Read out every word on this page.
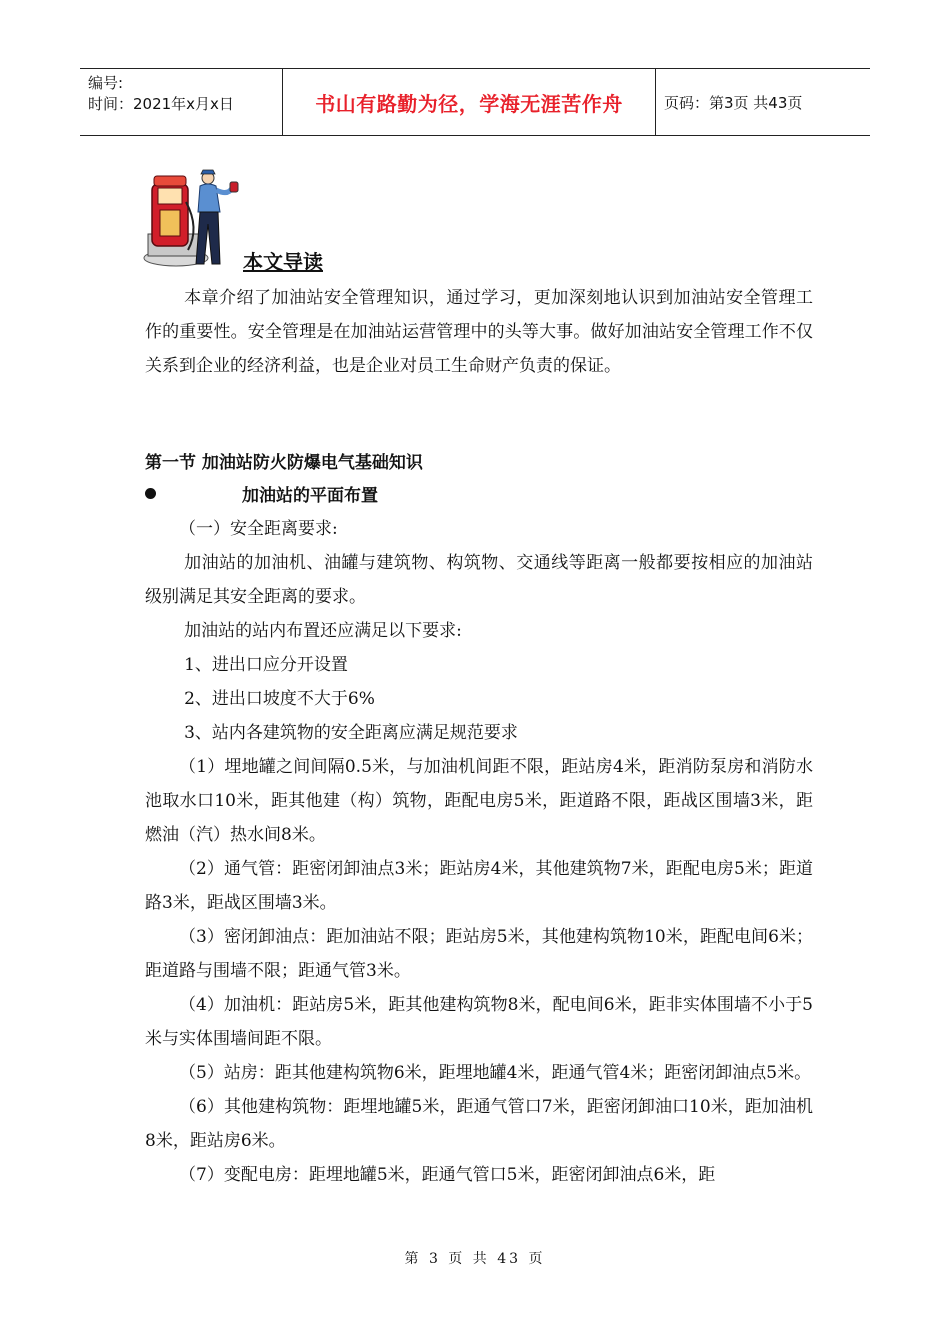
编号:
时间：2021年x月x日	书山有路勤为径，学海无涯苦作舟	页码：第3页 共43页
本文导读

本章介绍了加油站安全管理知识，通过学习，更加深刻地认识到加油站安全管理工作的重要性。安全管理是在加油站运营管理中的头等大事。做好加油站安全管理工作不仅关系到企业的经济利益，也是企业对员工生命财产负责的保证。

第一节 加油站防火防爆电气基础知识
加油站的平面布置

（一）安全距离要求:

加油站的加油机、油罐与建筑物、构筑物、交通线等距离一般都要按相应的加油站级别满足其安全距离的要求。

加油站的站内布置还应满足以下要求:

1、进出口应分开设置

2、进出口坡度不大于6%

3、站内各建筑物的安全距离应满足规范要求

（1）埋地罐之间间隔0.5米，与加油机间距不限，距站房4米，距消防泵房和消防水池取水口10米，距其他建（构）筑物，距配电房5米，距道路不限，距战区围墙3米，距燃油（汽）热水间8米。

（2）通气管：距密闭卸油点3米；距站房4米，其他建筑物7米，距配电房5米；距道路3米，距战区围墙3米。

（3）密闭卸油点：距加油站不限；距站房5米，其他建构筑物10米，距配电间6米；距道路与围墙不限；距通气管3米。

（4）加油机：距站房5米，距其他建构筑物8米，配电间6米，距非实体围墙不小于5米与实体围墙间距不限。

（5）站房：距其他建构筑物6米，距埋地罐4米，距通气管4米；距密闭卸油点5米。

（6）其他建构筑物：距埋地罐5米，距通气管口7米，距密闭卸油口10米，距加油机8米，距站房6米。

（7）变配电房：距埋地罐5米，距通气管口5米，距密闭卸油点6米，距

第 3 页 共 43 页
